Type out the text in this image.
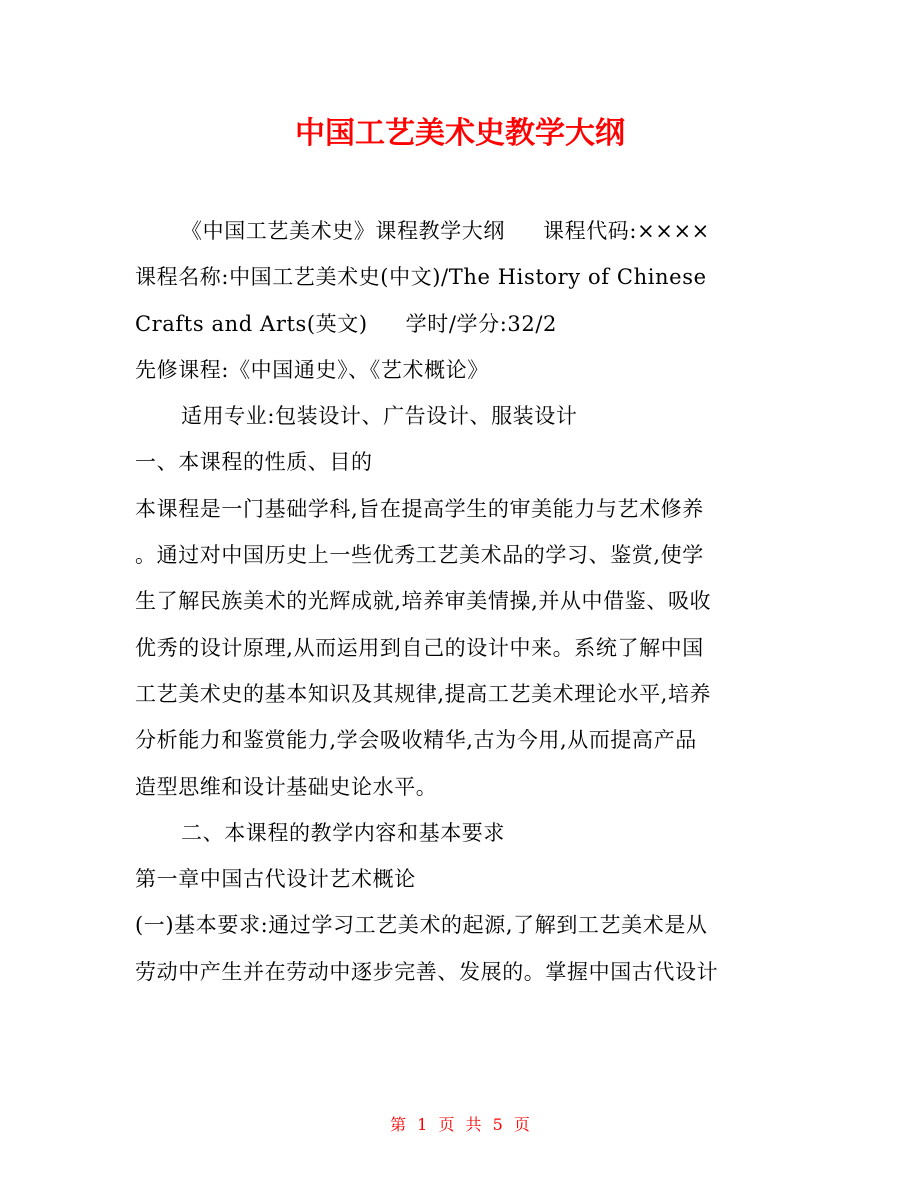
中国工艺美术史教学大纲
《中国工艺美术史》课程教学大纲 课程代码:××××
课程名称:中国工艺美术史(中文)/The History of Chinese
Crafts and Arts(英文) 学时/学分:32/2
先修课程:《中国通史》、《艺术概论》
适用专业:包装设计、广告设计、服装设计
一、本课程的性质、目的
本课程是一门基础学科,旨在提高学生的审美能力与艺术修养
。通过对中国历史上一些优秀工艺美术品的学习、鉴赏,使学
生了解民族美术的光辉成就,培养审美情操,并从中借鉴、吸收
优秀的设计原理,从而运用到自己的设计中来。系统了解中国
工艺美术史的基本知识及其规律,提高工艺美术理论水平,培养
分析能力和鉴赏能力,学会吸收精华,古为今用,从而提高产品
造型思维和设计基础史论水平。
二、本课程的教学内容和基本要求
第一章中国古代设计艺术概论
(一)基本要求:通过学习工艺美术的起源,了解到工艺美术是从
劳动中产生并在劳动中逐步完善、发展的。掌握中国古代设计
第 1 页 共 5 页
